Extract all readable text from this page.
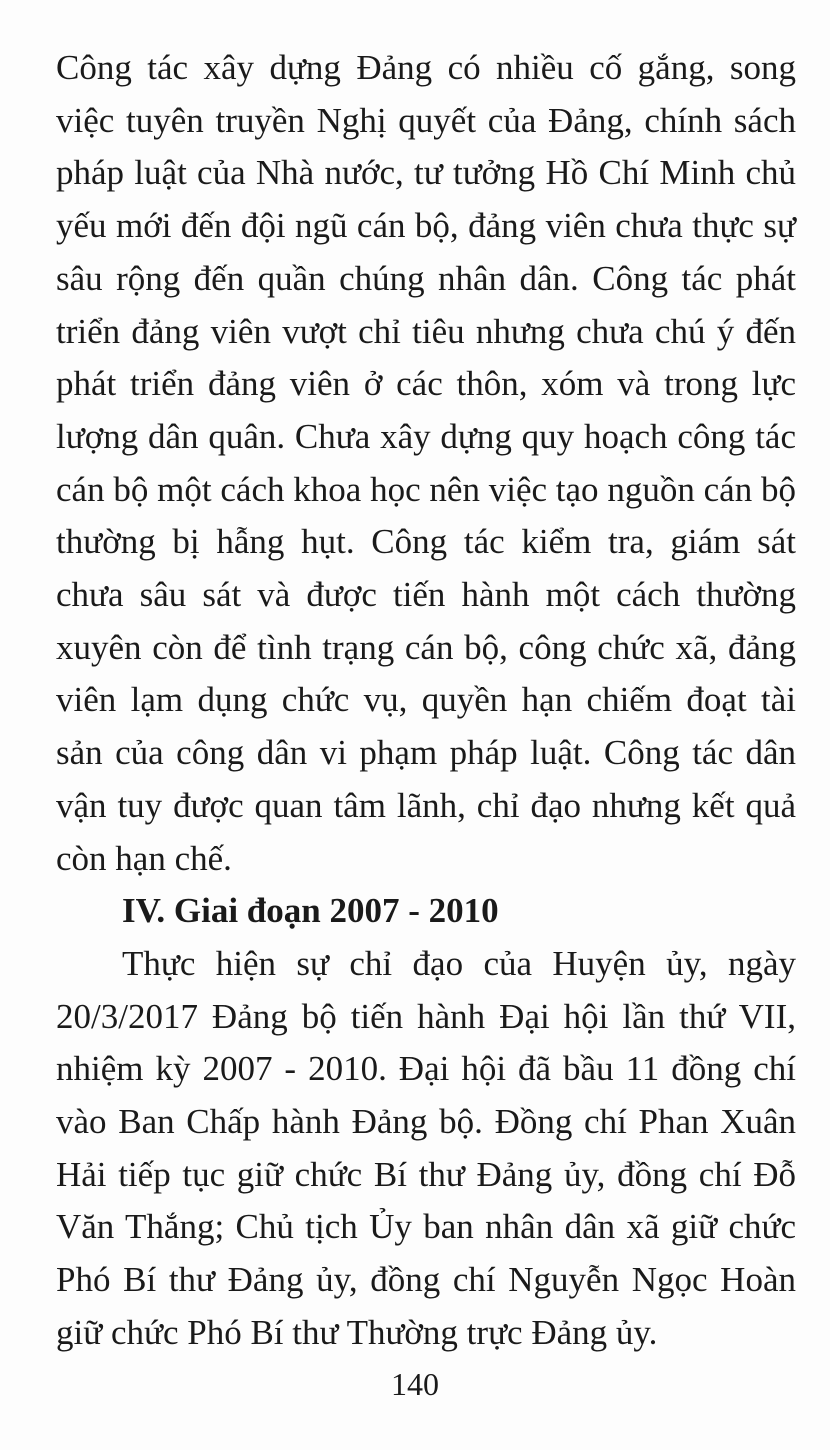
Công tác xây dựng Đảng có nhiều cố gắng, song việc tuyên truyền Nghị quyết của Đảng, chính sách pháp luật của Nhà nước, tư tưởng Hồ Chí Minh chủ yếu mới đến đội ngũ cán bộ, đảng viên chưa thực sự sâu rộng đến quần chúng nhân dân. Công tác phát triển đảng viên vượt chỉ tiêu nhưng chưa chú ý đến phát triển đảng viên ở các thôn, xóm và trong lực lượng dân quân. Chưa xây dựng quy hoạch công tác cán bộ một cách khoa học nên việc tạo nguồn cán bộ thường bị hẫng hụt. Công tác kiểm tra, giám sát chưa sâu sát và được tiến hành một cách thường xuyên còn để tình trạng cán bộ, công chức xã, đảng viên lạm dụng chức vụ, quyền hạn chiếm đoạt tài sản của công dân vi phạm pháp luật. Công tác dân vận tuy được quan tâm lãnh, chỉ đạo nhưng kết quả còn hạn chế.

IV. Giai đoạn 2007 - 2010

Thực hiện sự chỉ đạo của Huyện ủy, ngày 20/3/2017 Đảng bộ tiến hành Đại hội lần thứ VII, nhiệm kỳ 2007 - 2010. Đại hội đã bầu 11 đồng chí vào Ban Chấp hành Đảng bộ. Đồng chí Phan Xuân Hải tiếp tục giữ chức Bí thư Đảng ủy, đồng chí Đỗ Văn Thắng; Chủ tịch Ủy ban nhân dân xã giữ chức Phó Bí thư Đảng ủy, đồng chí Nguyễn Ngọc Hoàn giữ chức Phó Bí thư Thường trực Đảng ủy.

140
